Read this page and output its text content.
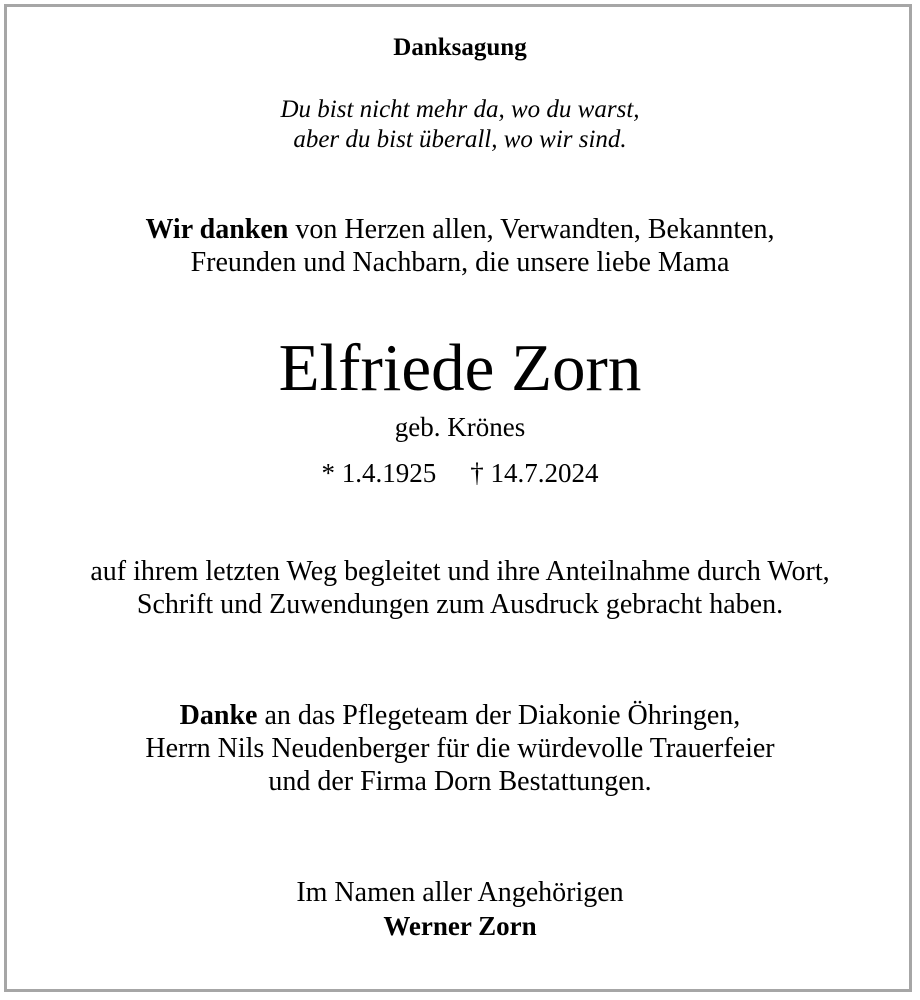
Danksagung
Du bist nicht mehr da, wo du warst,
aber du bist überall, wo wir sind.
Wir danken von Herzen allen, Verwandten, Bekannten,
Freunden und Nachbarn, die unsere liebe Mama
Elfriede Zorn
geb. Krönes
* 1.4.1925 † 14.7.2024
auf ihrem letzten Weg begleitet und ihre Anteilnahme durch Wort,
Schrift und Zuwendungen zum Ausdruck gebracht haben.
Danke an das Pflegeteam der Diakonie Öhringen,
Herrn Nils Neudenberger für die würdevolle Trauerfeier
und der Firma Dorn Bestattungen.
Im Namen aller Angehörigen
Werner Zorn
